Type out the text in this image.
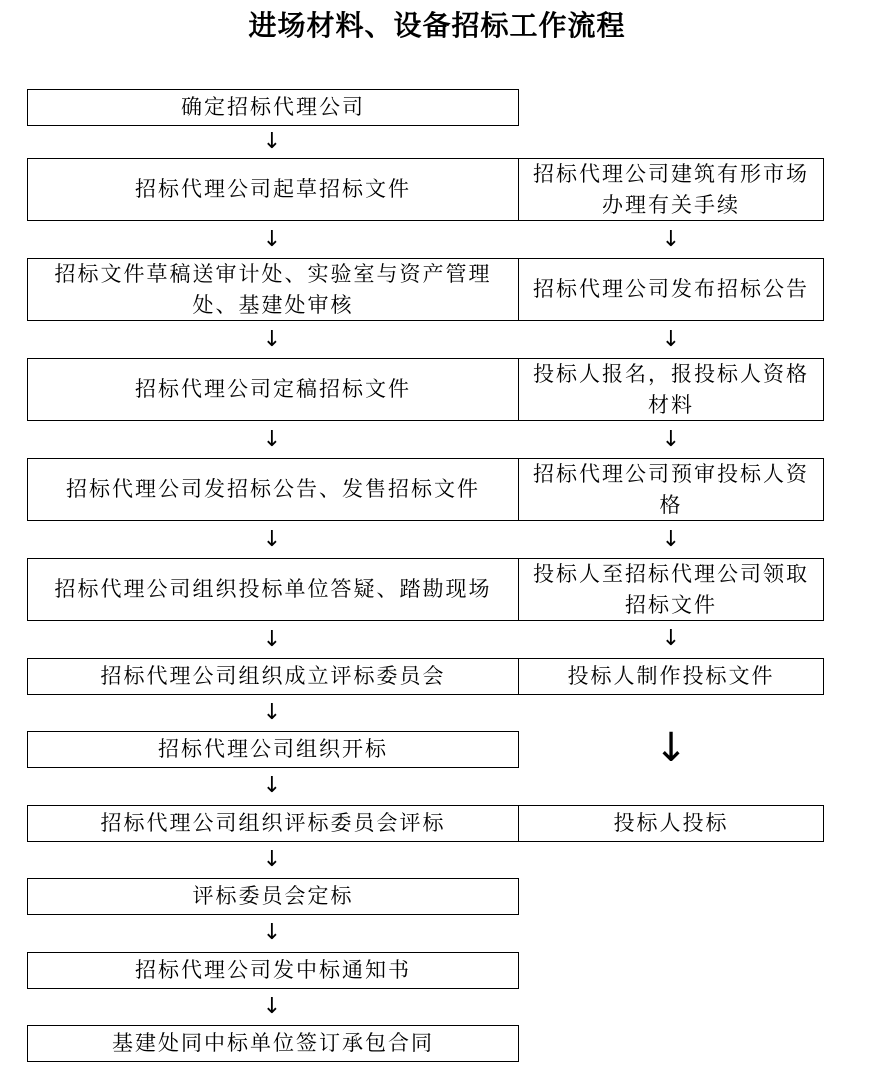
进场材料、设备招标工作流程
确定招标代理公司
招标代理公司起草招标文件
招标文件草稿送审计处、实验室与资产管理处、基建处审核
招标代理公司定稿招标文件
招标代理公司发招标公告、发售招标文件
招标代理公司组织投标单位答疑、踏勘现场
招标代理公司组织成立评标委员会
招标代理公司组织开标
招标代理公司组织评标委员会评标
评标委员会定标
招标代理公司发中标通知书
基建处同中标单位签订承包合同
招标代理公司建筑有形市场办理有关手续
招标代理公司发布招标公告
投标人报名，报投标人资格材料
招标代理公司预审投标人资格
投标人至招标代理公司领取招标文件
投标人制作投标文件
投标人投标
↓
↓
↓
↓
↓
↓
↓
↓
↓
↓
↓
↓
↓
↓
↓
↓
↓
